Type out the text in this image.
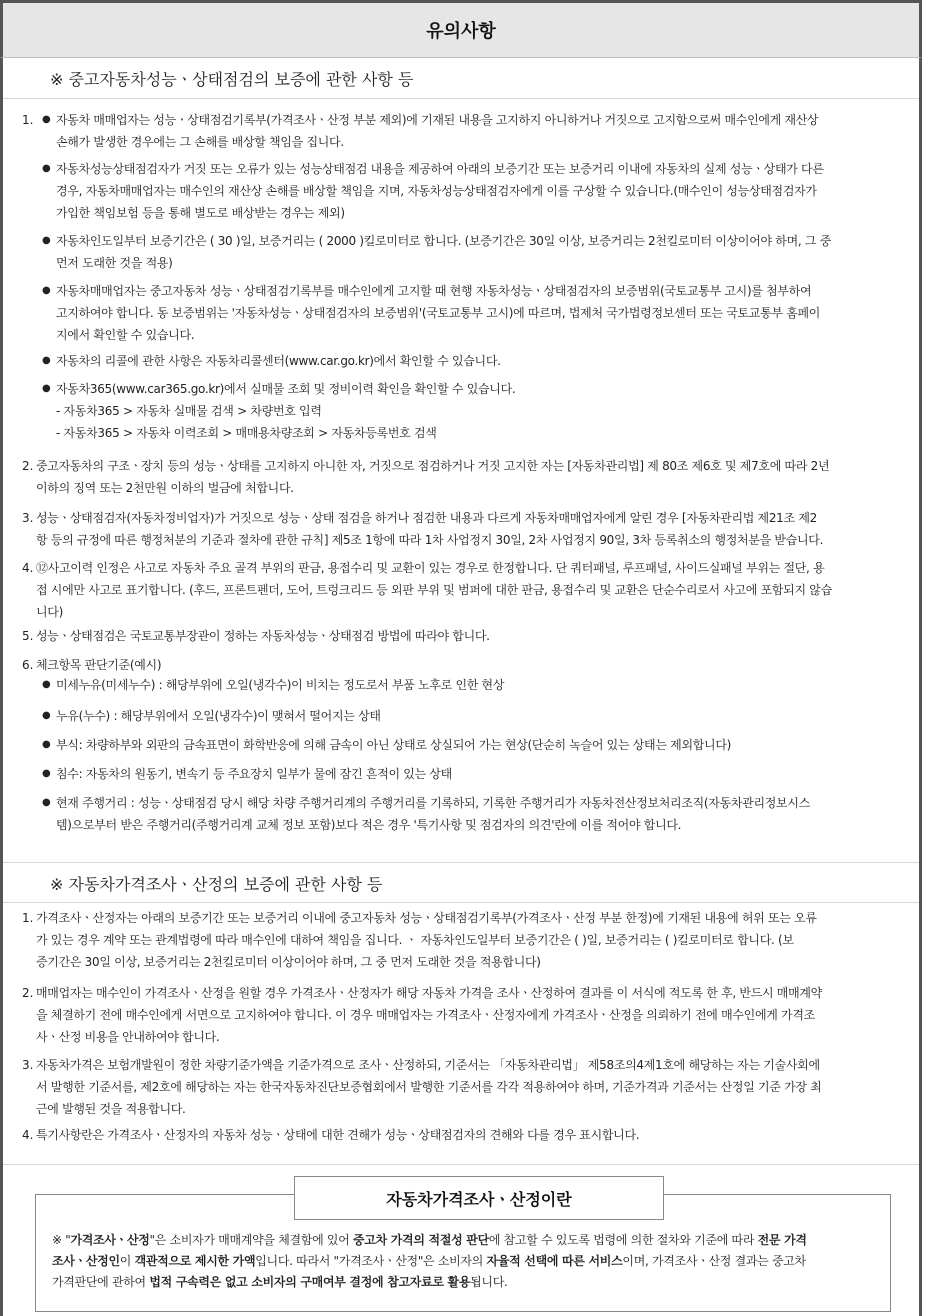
유의사항
※ 중고자동차성능ㆍ상태점검의 보증에 관한 사항 등
1. ● 자동차 매매업자는 성능ㆍ상태점검기록부(가격조사ㆍ산정 부분 제외)에 기재된 내용을 고지하지 아니하거나 거짓으로 고지함으로써 매수인에게 재산상
손해가 발생한 경우에는 그 손해를 배상할 책임을 집니다.
● 자동차성능상태점검자가 거짓 또는 오류가 있는 성능상태점검 내용을 제공하여 아래의 보증기간 또는 보증거리 이내에 자동차의 실제 성능ㆍ상태가 다른
경우, 자동차매매업자는 매수인의 재산상 손해를 배상할 책임을 지며, 자동차성능상태점검자에게 이를 구상할 수 있습니다.(매수인이 성능상태점검자가
가입한 책임보험 등을 통해 별도로 배상받는 경우는 제외)
● 자동차인도일부터 보증기간은 ( 30 )일, 보증거리는 ( 2000 )킬로미터로 합니다. (보증기간은 30일 이상, 보증거리는 2천킬로미터 이상이어야 하며, 그 중
먼저 도래한 것을 적용)
● 자동차매매업자는 중고자동차 성능ㆍ상태점검기록부를 매수인에게 고지할 때 현행 자동차성능ㆍ상태점검자의 보증범위(국토교통부 고시)를 첨부하여
고지하여야 합니다. 동 보증범위는 '자동차성능ㆍ상태점검자의 보증범위'(국토교통부 고시)에 따르며, 법제처 국가법령정보센터 또는 국토교통부 홈페이
지에서 확인할 수 있습니다.
● 자동차의 리콜에 관한 사항은 자동차리콜센터(www.car.go.kr)에서 확인할 수 있습니다.
● 자동차365(www.car365.go.kr)에서 실매물 조회 및 정비이력 확인을 확인할 수 있습니다.
- 자동차365 > 자동차 실매물 검색 > 차량번호 입력
- 자동차365 > 자동차 이력조회 > 매매용차량조회 > 자동차등록번호 검색
2. 중고자동차의 구조ㆍ장치 등의 성능ㆍ상태를 고지하지 아니한 자, 거짓으로 점검하거나 거짓 고지한 자는 [자동차관리법] 제 80조 제6호 및 제7호에 따라 2년
이하의 징역 또는 2천만원 이하의 벌금에 처합니다.
3. 성능ㆍ상태점검자(자동차정비업자)가 거짓으로 성능ㆍ상태 점검을 하거나 점검한 내용과 다르게 자동차매매업자에게 알린 경우 [자동차관리법 제21조 제2
항 등의 규정에 따른 행정처분의 기준과 절차에 관한 규칙] 제5조 1항에 따라 1차 사업정지 30일, 2차 사업정지 90일, 3차 등록취소의 행정처분을 받습니다.
4. ⑫사고이력 인정은 사고로 자동차 주요 골격 부위의 판금, 용접수리 및 교환이 있는 경우로 한정합니다. 단 쿼터패널, 루프패널, 사이드실패널 부위는 절단, 용
접 시에만 사고로 표기합니다. (후드, 프론트펜더, 도어, 트렁크리드 등 외판 부위 및 범퍼에 대한 판금, 용접수리 및 교환은 단순수리로서 사고에 포함되지 않습
니다)
5. 성능ㆍ상태점검은 국토교통부장관이 정하는 자동차성능ㆍ상태점검 방법에 따라야 합니다.
6. 체크항목 판단기준(예시)
● 미세누유(미세누수) : 해당부위에 오일(냉각수)이 비치는 정도로서 부품 노후로 인한 현상
● 누유(누수) : 해당부위에서 오일(냉각수)이 맺혀서 떨어지는 상태
● 부식: 차량하부와 외판의 금속표면이 화학반응에 의해 금속이 아닌 상태로 상실되어 가는 현상(단순히 녹슬어 있는 상태는 제외합니다)
● 침수: 자동차의 원동기, 변속기 등 주요장치 일부가 물에 잠긴 흔적이 있는 상태
● 현재 주행거리 : 성능ㆍ상태점검 당시 해당 차량 주행거리계의 주행거리를 기록하되, 기록한 주행거리가 자동차전산정보처리조직(자동차관리정보시스
템)으로부터 받은 주행거리(주행거리계 교체 정보 포함)보다 적은 경우 '특기사항 및 점검자의 의견'란에 이를 적어야 합니다.
※ 자동차가격조사ㆍ산정의 보증에 관한 사항 등
1. 가격조사ㆍ산정자는 아래의 보증기간 또는 보증거리 이내에 중고자동차 성능ㆍ상태점검기록부(가격조사ㆍ산정 부분 한정)에 기재된 내용에 허위 또는 오류
가 있는 경우 계약 또는 관계법령에 따라 매수인에 대하여 책임을 집니다. ㆍ 자동차인도일부터 보증기간은 ( )일, 보증거리는 ( )킬로미터로 합니다. (보
증기간은 30일 이상, 보증거리는 2천킬로미터 이상이어야 하며, 그 중 먼저 도래한 것을 적용합니다)
2. 매매업자는 매수인이 가격조사ㆍ산정을 원할 경우 가격조사ㆍ산정자가 해당 자동차 가격을 조사ㆍ산정하여 결과를 이 서식에 적도록 한 후, 반드시 매매계약
을 체결하기 전에 매수인에게 서면으로 고지하여야 합니다. 이 경우 매매업자는 가격조사ㆍ산정자에게 가격조사ㆍ산정을 의뢰하기 전에 매수인에게 가격조
사ㆍ산정 비용을 안내하여야 합니다.
3. 자동차가격은 보험개발원이 정한 차량기준가액을 기준가격으로 조사ㆍ산정하되, 기준서는 「자동차관리법」 제58조의4제1호에 해당하는 자는 기술사회에
서 발행한 기준서를, 제2호에 해당하는 자는 한국자동차진단보증협회에서 발행한 기준서를 각각 적용하여야 하며, 기준가격과 기준서는 산정일 기준 가장 최
근에 발행된 것을 적용합니다.
4. 특기사항란은 가격조사ㆍ산정자의 자동차 성능ㆍ상태에 대한 견해가 성능ㆍ상태점검자의 견해와 다를 경우 표시합니다.
자동차가격조사ㆍ산정이란
※ "가격조사ㆍ산정"은 소비자가 매매계약을 체결함에 있어 중고차 가격의 적절성 판단에 참고할 수 있도록 법령에 의한 절차와 기준에 따라 전문 가격
조사ㆍ산정인이 객관적으로 제시한 가액입니다. 따라서 "가격조사ㆍ산정"은 소비자의 자율적 선택에 따른 서비스이며, 가격조사ㆍ산정 결과는 중고차
가격판단에 관하여 법적 구속력은 없고 소비자의 구매여부 결정에 참고자료로 활용됩니다.
